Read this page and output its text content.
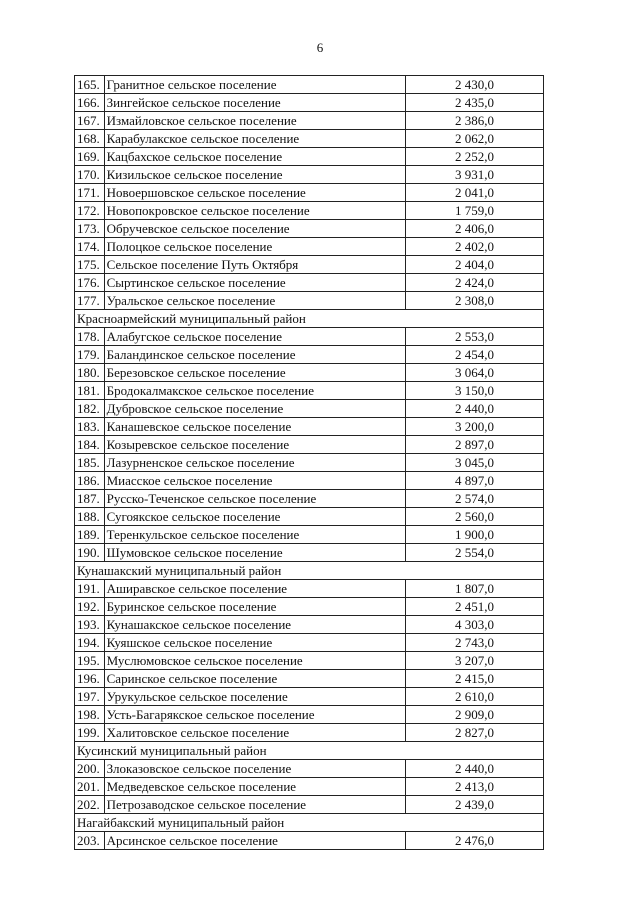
6
165.	Гранитное сельское поселение	2 430,0
166.	Зингейское сельское поселение	2 435,0
167.	Измайловское сельское поселение	2 386,0
168.	Карабулакское сельское поселение	2 062,0
169.	Кацбахское сельское поселение	2 252,0
170.	Кизильское сельское поселение	3 931,0
171.	Новоершовское сельское поселение	2 041,0
172.	Новопокровское сельское поселение	1 759,0
173.	Обручевское сельское поселение	2 406,0
174.	Полоцкое сельское поселение	2 402,0
175.	Сельское поселение Путь Октября	2 404,0
176.	Сыртинское сельское поселение	2 424,0
177.	Уральское сельское поселение	2 308,0
Красноармейский муниципальный район		
178.	Алабугское сельское поселение	2 553,0
179.	Баландинское сельское поселение	2 454,0
180.	Березовское сельское поселение	3 064,0
181.	Бродокалмакское сельское поселение	3 150,0
182.	Дубровское сельское поселение	2 440,0
183.	Канашевское сельское поселение	3 200,0
184.	Козыревское сельское поселение	2 897,0
185.	Лазурненское сельское поселение	3 045,0
186.	Миасское сельское поселение	4 897,0
187.	Русско-Теченское сельское поселение	2 574,0
188.	Сугоякское сельское поселение	2 560,0
189.	Теренкульское сельское поселение	1 900,0
190.	Шумовское сельское поселение	2 554,0
Кунашакский муниципальный район		
191.	Аширавское сельское поселение	1 807,0
192.	Буринское сельское поселение	2 451,0
193.	Кунашакское сельское поселение	4 303,0
194.	Куяшское сельское поселение	2 743,0
195.	Муслюмовское сельское поселение	3 207,0
196.	Саринское сельское поселение	2 415,0
197.	Урукульское сельское поселение	2 610,0
198.	Усть-Багарякское сельское поселение	2 909,0
199.	Халитовское сельское поселение	2 827,0
Кусинский муниципальный район		
200.	Злоказовское сельское поселение	2 440,0
201.	Медведевское сельское поселение	2 413,0
202.	Петрозаводское сельское поселение	2 439,0
Нагайбакский муниципальный район		
203.	Арсинское сельское поселение	2 476,0
